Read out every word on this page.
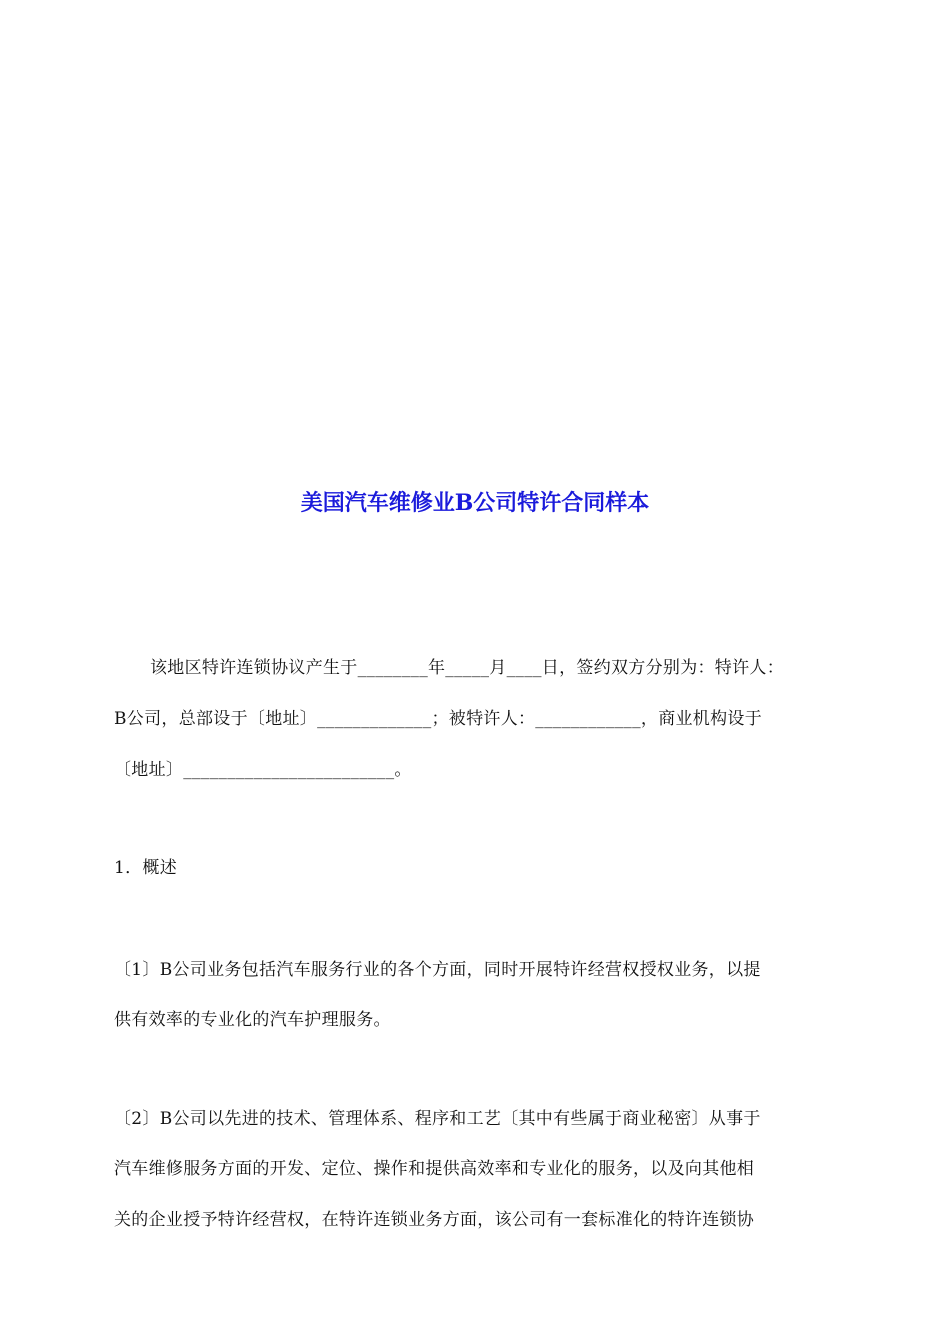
美国汽车维修业B公司特许合同样本
该地区特许连锁协议产生于________年_____月____日，签约双方分别为：特许人：
B公司，总部设于〔地址〕_____________；被特许人：____________，商业机构设于
〔地址〕________________________。
1．概述
〔1〕B公司业务包括汽车服务行业的各个方面，同时开展特许经营权授权业务，以提
供有效率的专业化的汽车护理服务。
〔2〕B公司以先进的技术、管理体系、程序和工艺〔其中有些属于商业秘密〕从事于
汽车维修服务方面的开发、定位、操作和提供高效率和专业化的服务，以及向其他相
关的企业授予特许经营权，在特许连锁业务方面，该公司有一套标准化的特许连锁协
